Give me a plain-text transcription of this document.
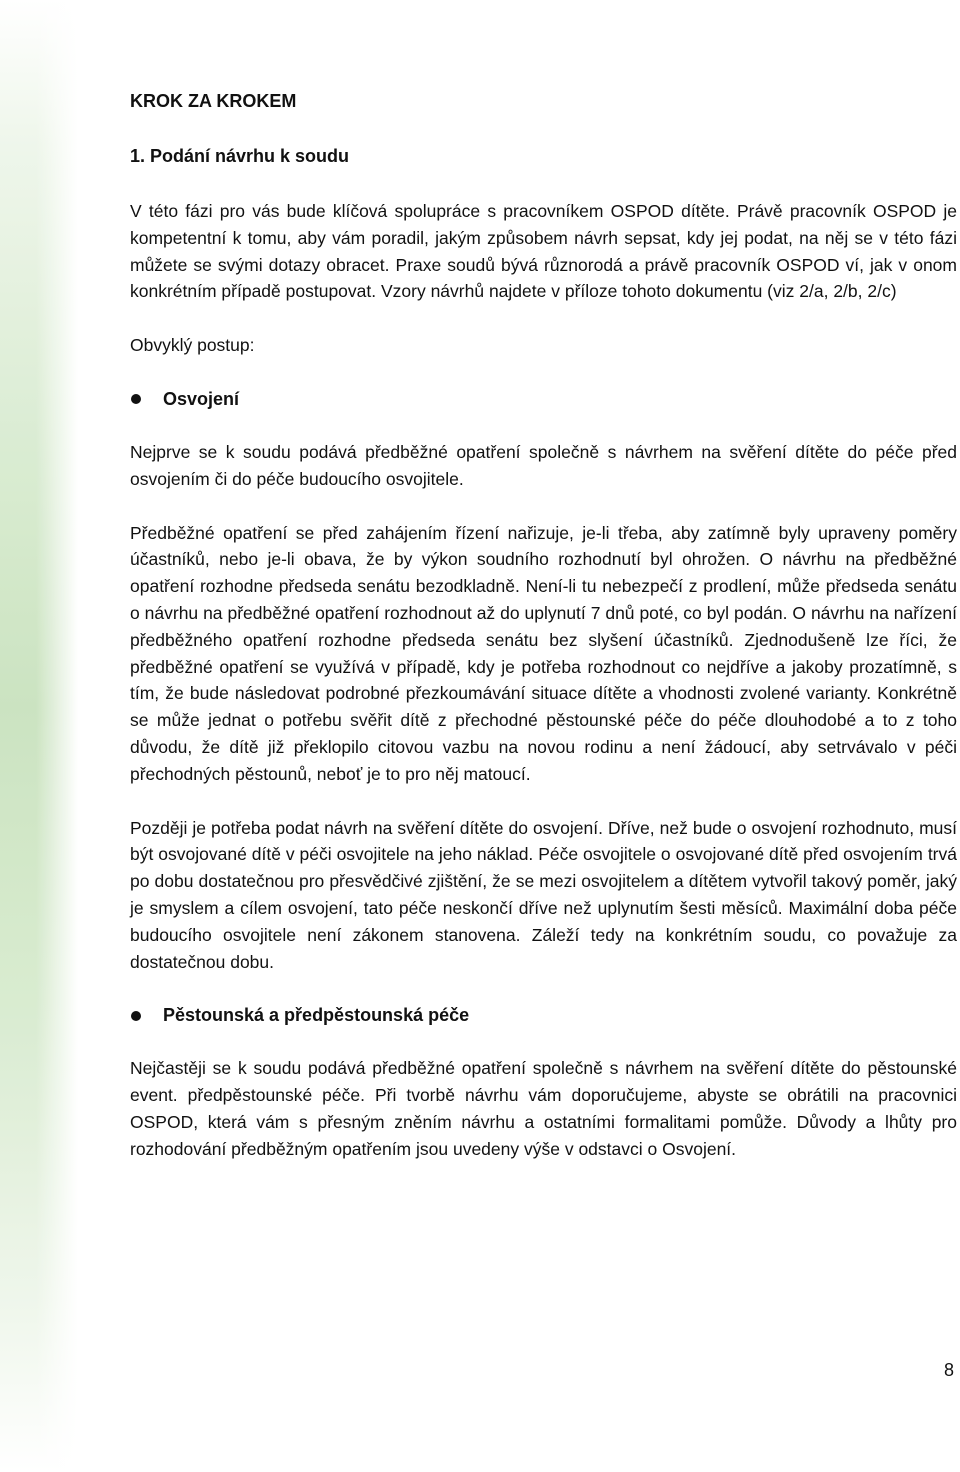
KROK ZA KROKEM
1. Podání návrhu k soudu

V této fázi pro vás bude klíčová spolupráce s pracovníkem OSPOD dítěte. Právě pracovník OSPOD je kompetentní k tomu, aby vám poradil, jakým způsobem návrh sepsat, kdy jej podat, na něj se v této fázi můžete se svými dotazy obracet. Praxe soudů bývá různorodá a právě pracovník OSPOD ví, jak v onom konkrétním případě postupovat. Vzory návrhů najdete v příloze tohoto dokumentu (viz 2/a, 2/b, 2/c)

Obvyklý postup:

Osvojení

Nejprve se k soudu podává předběžné opatření společně s návrhem na svěření dítěte do péče před osvojením či do péče budoucího osvojitele.

Předběžné opatření se před zahájením řízení nařizuje, je-li třeba, aby zatímně byly upraveny poměry účastníků, nebo je-li obava, že by výkon soudního rozhodnutí byl ohrožen. O návrhu na předběžné opatření rozhodne předseda senátu bezodkladně. Není-li tu nebezpečí z prodlení, může předseda senátu o návrhu na předběžné opatření rozhodnout až do uplynutí 7 dnů poté, co byl podán. O návrhu na nařízení předběžného opatření rozhodne předseda senátu bez slyšení účastníků. Zjednodušeně lze říci, že předběžné opatření se využívá v případě, kdy je potřeba rozhodnout co nejdříve a jakoby prozatímně, s tím, že bude následovat podrobné přezkoumávání situace dítěte a vhodnosti zvolené varianty. Konkrétně se může jednat o potřebu svěřit dítě z přechodné pěstounské péče do péče dlouhodobé a to z toho důvodu, že dítě již překlopilo citovou vazbu na novou rodinu a není žádoucí, aby setrvávalo v péči přechodných pěstounů, neboť je to pro něj matoucí.

Později je potřeba podat návrh na svěření dítěte do osvojení. Dříve, než bude o osvojení rozhodnuto, musí být osvojované dítě v péči osvojitele na jeho náklad. Péče osvojitele o osvojované dítě před osvojením trvá po dobu dostatečnou pro přesvědčivé zjištění, že se mezi osvojitelem a dítětem vytvořil takový poměr, jaký je smyslem a cílem osvojení, tato péče neskončí dříve než uplynutím šesti měsíců. Maximální doba péče budoucího osvojitele není zákonem stanovena. Záleží tedy na konkrétním soudu, co považuje za dostatečnou dobu.

Pěstounská a předpěstounská péče

Nejčastěji se k soudu podává předběžné opatření společně s návrhem na svěření dítěte do pěstounské event. předpěstounské péče. Při tvorbě návrhu vám doporučujeme, abyste se obrátili na pracovnici OSPOD, která vám s přesným zněním návrhu a ostatními formalitami pomůže. Důvody a lhůty pro rozhodování předběžným opatřením jsou uvedeny výše v odstavci o Osvojení.

8
